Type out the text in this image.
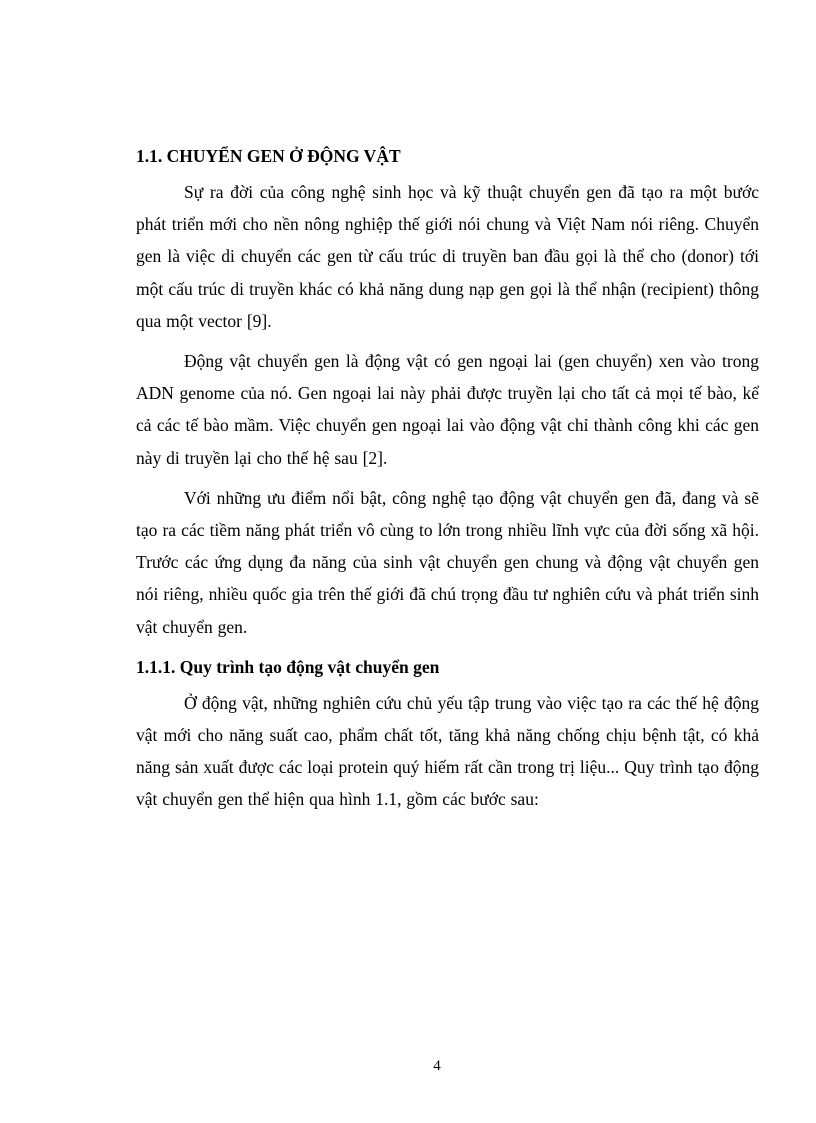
1.1. CHUYỂN GEN Ở ĐỘNG VẬT

Sự ra đời của công nghệ sinh học và kỹ thuật chuyển gen đã tạo ra một bước phát triển mới cho nền nông nghiệp thế giới nói chung và Việt Nam nói riêng. Chuyển gen là việc di chuyển các gen từ cấu trúc di truyền ban đầu gọi là thể cho (donor) tới một cấu trúc di truyền khác có khả năng dung nạp gen gọi là thể nhận (recipient) thông qua một vector [9].

Động vật chuyển gen là động vật có gen ngoại lai (gen chuyển) xen vào trong ADN genome của nó. Gen ngoại lai này phải được truyền lại cho tất cả mọi tế bào, kể cả các tế bào mầm. Việc chuyển gen ngoại lai vào động vật chỉ thành công khi các gen này di truyền lại cho thế hệ sau [2].

Với những ưu điểm nổi bật, công nghệ tạo động vật chuyển gen đã, đang và sẽ tạo ra các tiềm năng phát triển vô cùng to lớn trong nhiều lĩnh vực của đời sống xã hội. Trước các ứng dụng đa năng của sinh vật chuyển gen chung và động vật chuyển gen nói riêng, nhiều quốc gia trên thế giới đã chú trọng đầu tư nghiên cứu và phát triển sinh vật chuyển gen.

1.1.1. Quy trình tạo động vật chuyển gen

Ở động vật, những nghiên cứu chủ yếu tập trung vào việc tạo ra các thế hệ động vật mới cho năng suất cao, phẩm chất tốt, tăng khả năng chống chịu bệnh tật, có khả năng sản xuất được các loại protein quý hiếm rất cần trong trị liệu... Quy trình tạo động vật chuyển gen thể hiện qua hình 1.1, gồm các bước sau:

4
